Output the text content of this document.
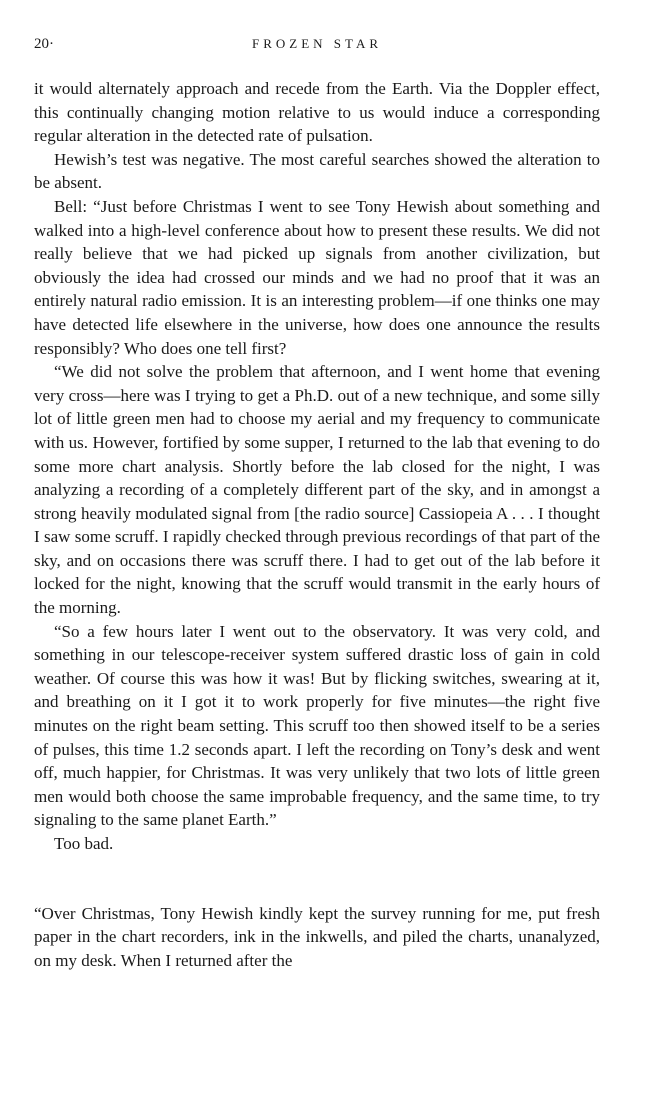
20·	FROZEN STAR

it would alternately approach and recede from the Earth. Via the Doppler effect, this continually changing motion relative to us would induce a corresponding regular alteration in the detected rate of pulsation.

Hewish’s test was negative. The most careful searches showed the alteration to be absent.

Bell: “Just before Christmas I went to see Tony Hewish about something and walked into a high-level conference about how to present these results. We did not really believe that we had picked up signals from another civilization, but obviously the idea had crossed our minds and we had no proof that it was an entirely natural radio emission. It is an interesting problem—if one thinks one may have detected life elsewhere in the universe, how does one announce the results responsibly? Who does one tell first?

“We did not solve the problem that afternoon, and I went home that evening very cross—here was I trying to get a Ph.D. out of a new technique, and some silly lot of little green men had to choose my aerial and my frequency to communicate with us. However, fortified by some supper, I returned to the lab that evening to do some more chart analysis. Shortly before the lab closed for the night, I was analyzing a recording of a completely different part of the sky, and in amongst a strong heavily modulated signal from [the radio source] Cassiopeia A . . . I thought I saw some scruff. I rapidly checked through previous recordings of that part of the sky, and on occasions there was scruff there. I had to get out of the lab before it locked for the night, knowing that the scruff would transmit in the early hours of the morning.

“So a few hours later I went out to the observatory. It was very cold, and something in our telescope-receiver system suffered drastic loss of gain in cold weather. Of course this was how it was! But by flicking switches, swearing at it, and breathing on it I got it to work properly for five minutes—the right five minutes on the right beam setting. This scruff too then showed itself to be a series of pulses, this time 1.2 seconds apart. I left the recording on Tony’s desk and went off, much happier, for Christmas. It was very unlikely that two lots of little green men would both choose the same improbable frequency, and the same time, to try signaling to the same planet Earth.”

Too bad.

“Over Christmas, Tony Hewish kindly kept the survey running for me, put fresh paper in the chart recorders, ink in the inkwells, and piled the charts, unanalyzed, on my desk. When I returned after the
